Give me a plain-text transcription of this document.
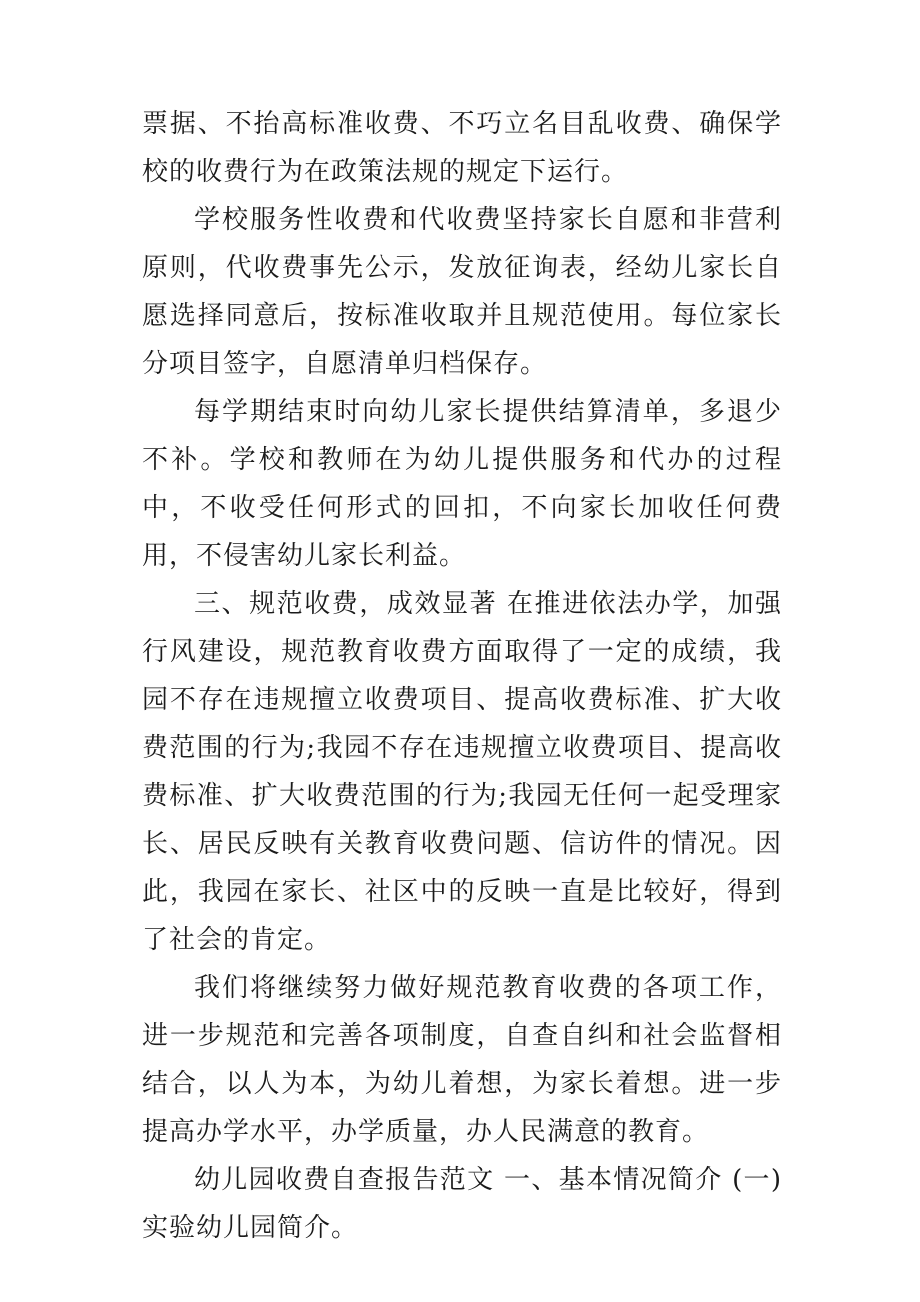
票据、不抬高标准收费、不巧立名目乱收费、确保学校的收费行为在政策法规的规定下运行。

学校服务性收费和代收费坚持家长自愿和非营利原则，代收费事先公示，发放征询表，经幼儿家长自愿选择同意后，按标准收取并且规范使用。每位家长分项目签字，自愿清单归档保存。

每学期结束时向幼儿家长提供结算清单，多退少不补。学校和教师在为幼儿提供服务和代办的过程中，不收受任何形式的回扣，不向家长加收任何费用，不侵害幼儿家长利益。

三、规范收费，成效显著 在推进依法办学，加强行风建设，规范教育收费方面取得了一定的成绩，我园不存在违规擅立收费项目、提高收费标准、扩大收费范围的行为;我园不存在违规擅立收费项目、提高收费标准、扩大收费范围的行为;我园无任何一起受理家长、居民反映有关教育收费问题、信访件的情况。因此，我园在家长、社区中的反映一直是比较好，得到了社会的肯定。

我们将继续努力做好规范教育收费的各项工作，进一步规范和完善各项制度，自查自纠和社会监督相结合，以人为本，为幼儿着想，为家长着想。进一步提高办学水平，办学质量，办人民满意的教育。

幼儿园收费自查报告范文 一、基本情况简介 (一)实验幼儿园简介。
